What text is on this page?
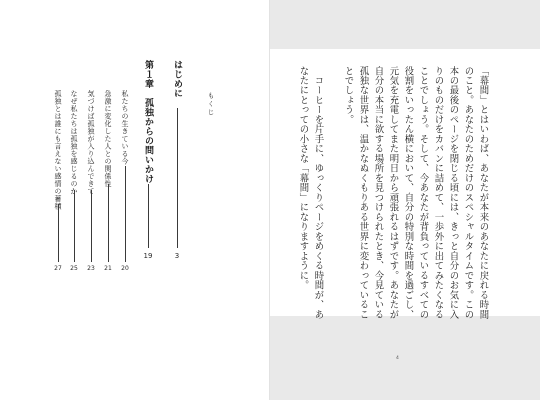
もくじ
はじめに
3
第１章　孤独からの問いかけ
19
私たちの生きている今
20
急激に変化した人との関係性
21
気づけば孤独が入り込んできて
23
なぜ私たちは孤独を感じるのか
25
孤独とは誰にも言えない感情の蓄積
27	「幕間」とはいわば、あなたが本来のあなたに戻れる時間
のこと。あなたのためだけのスペシャルタイムです。この
本の最後のページを閉じる頃には、きっと自分のお気に入
りのものだけをカバンに詰めて、一歩外に出てみたくなる
ことでしょう。そして、今あなたが背負っているすべての
役割をいったん横において、自分の特別な時間を過ごし、
元気を充電してまた明日から頑張れるはずです。あなたが
自分の本当に欲する場所を見つけられたとき、今見ている
孤独な世界は、温かなぬくもりある世界に変わっているこ
とでしょう。
　コーヒーを片手に、ゆっくりページをめくる時間が、あ
なたにとっての小さな「幕間」になりますように。
4
